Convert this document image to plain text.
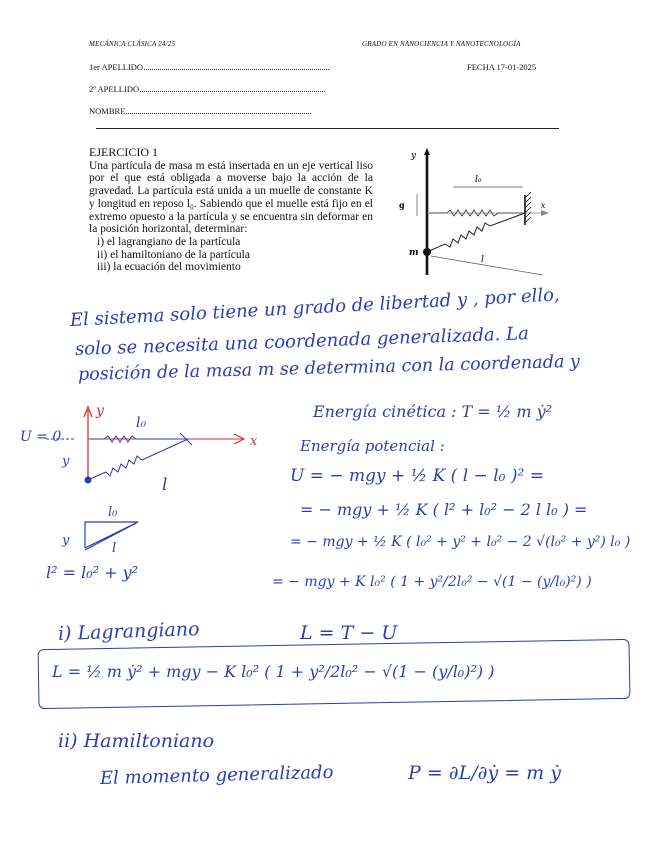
MECÁNICA CLÁSICA 24/25	GRADO EN NANOCIENCIA Y NANOTECNOLOGÍA
1er APELLIDO	FECHA 17-01-2025
2º APELLIDO
NOMBRE
EJERCICIO 1
Una partícula de masa m está insertada en un eje vertical liso por el que está obligada a moverse bajo la acción de la gravedad. La partícula está unida a un muelle de constante K y longitud en reposo l₀. Sabiendo que el muelle está fijo en el extremo opuesto a la partícula y se encuentra sin deformar en la posición horizontal, determinar:
i) el lagrangiano de la partícula
ii) el hamiltoniano de la partícula
iii) la ecuación del movimiento
y
x
l₀
g
m
l
El sistema solo tiene un grado de libertad y , por ello,
solo se necesita una coordenada generalizada. La
posición de la masa m se determina con la coordenada y
U = 0
y
y
l₀
l
x
l₀
y
l
l² = l₀² + y²
Energía cinética : T = ½ m ẏ²
Energía potencial :
U = − mgy + ½ K ( l − l₀ )² =
= − mgy + ½ K ( l² + l₀² − 2 l l₀ ) =
= − mgy + ½ K ( l₀² + y² + l₀² − 2 √(l₀² + y²) l₀ )
= − mgy + K l₀² ( 1 + y²/2l₀² − √(1 − (y/l₀)²) )
i) Lagrangiano	L = T − U
L = ½ m ẏ² + mgy − K l₀² ( 1 + y²/2l₀² − √(1 − (y/l₀)²) )
ii) Hamiltoniano
El momento generalizado	P = ∂L/∂ẏ = m ẏ
